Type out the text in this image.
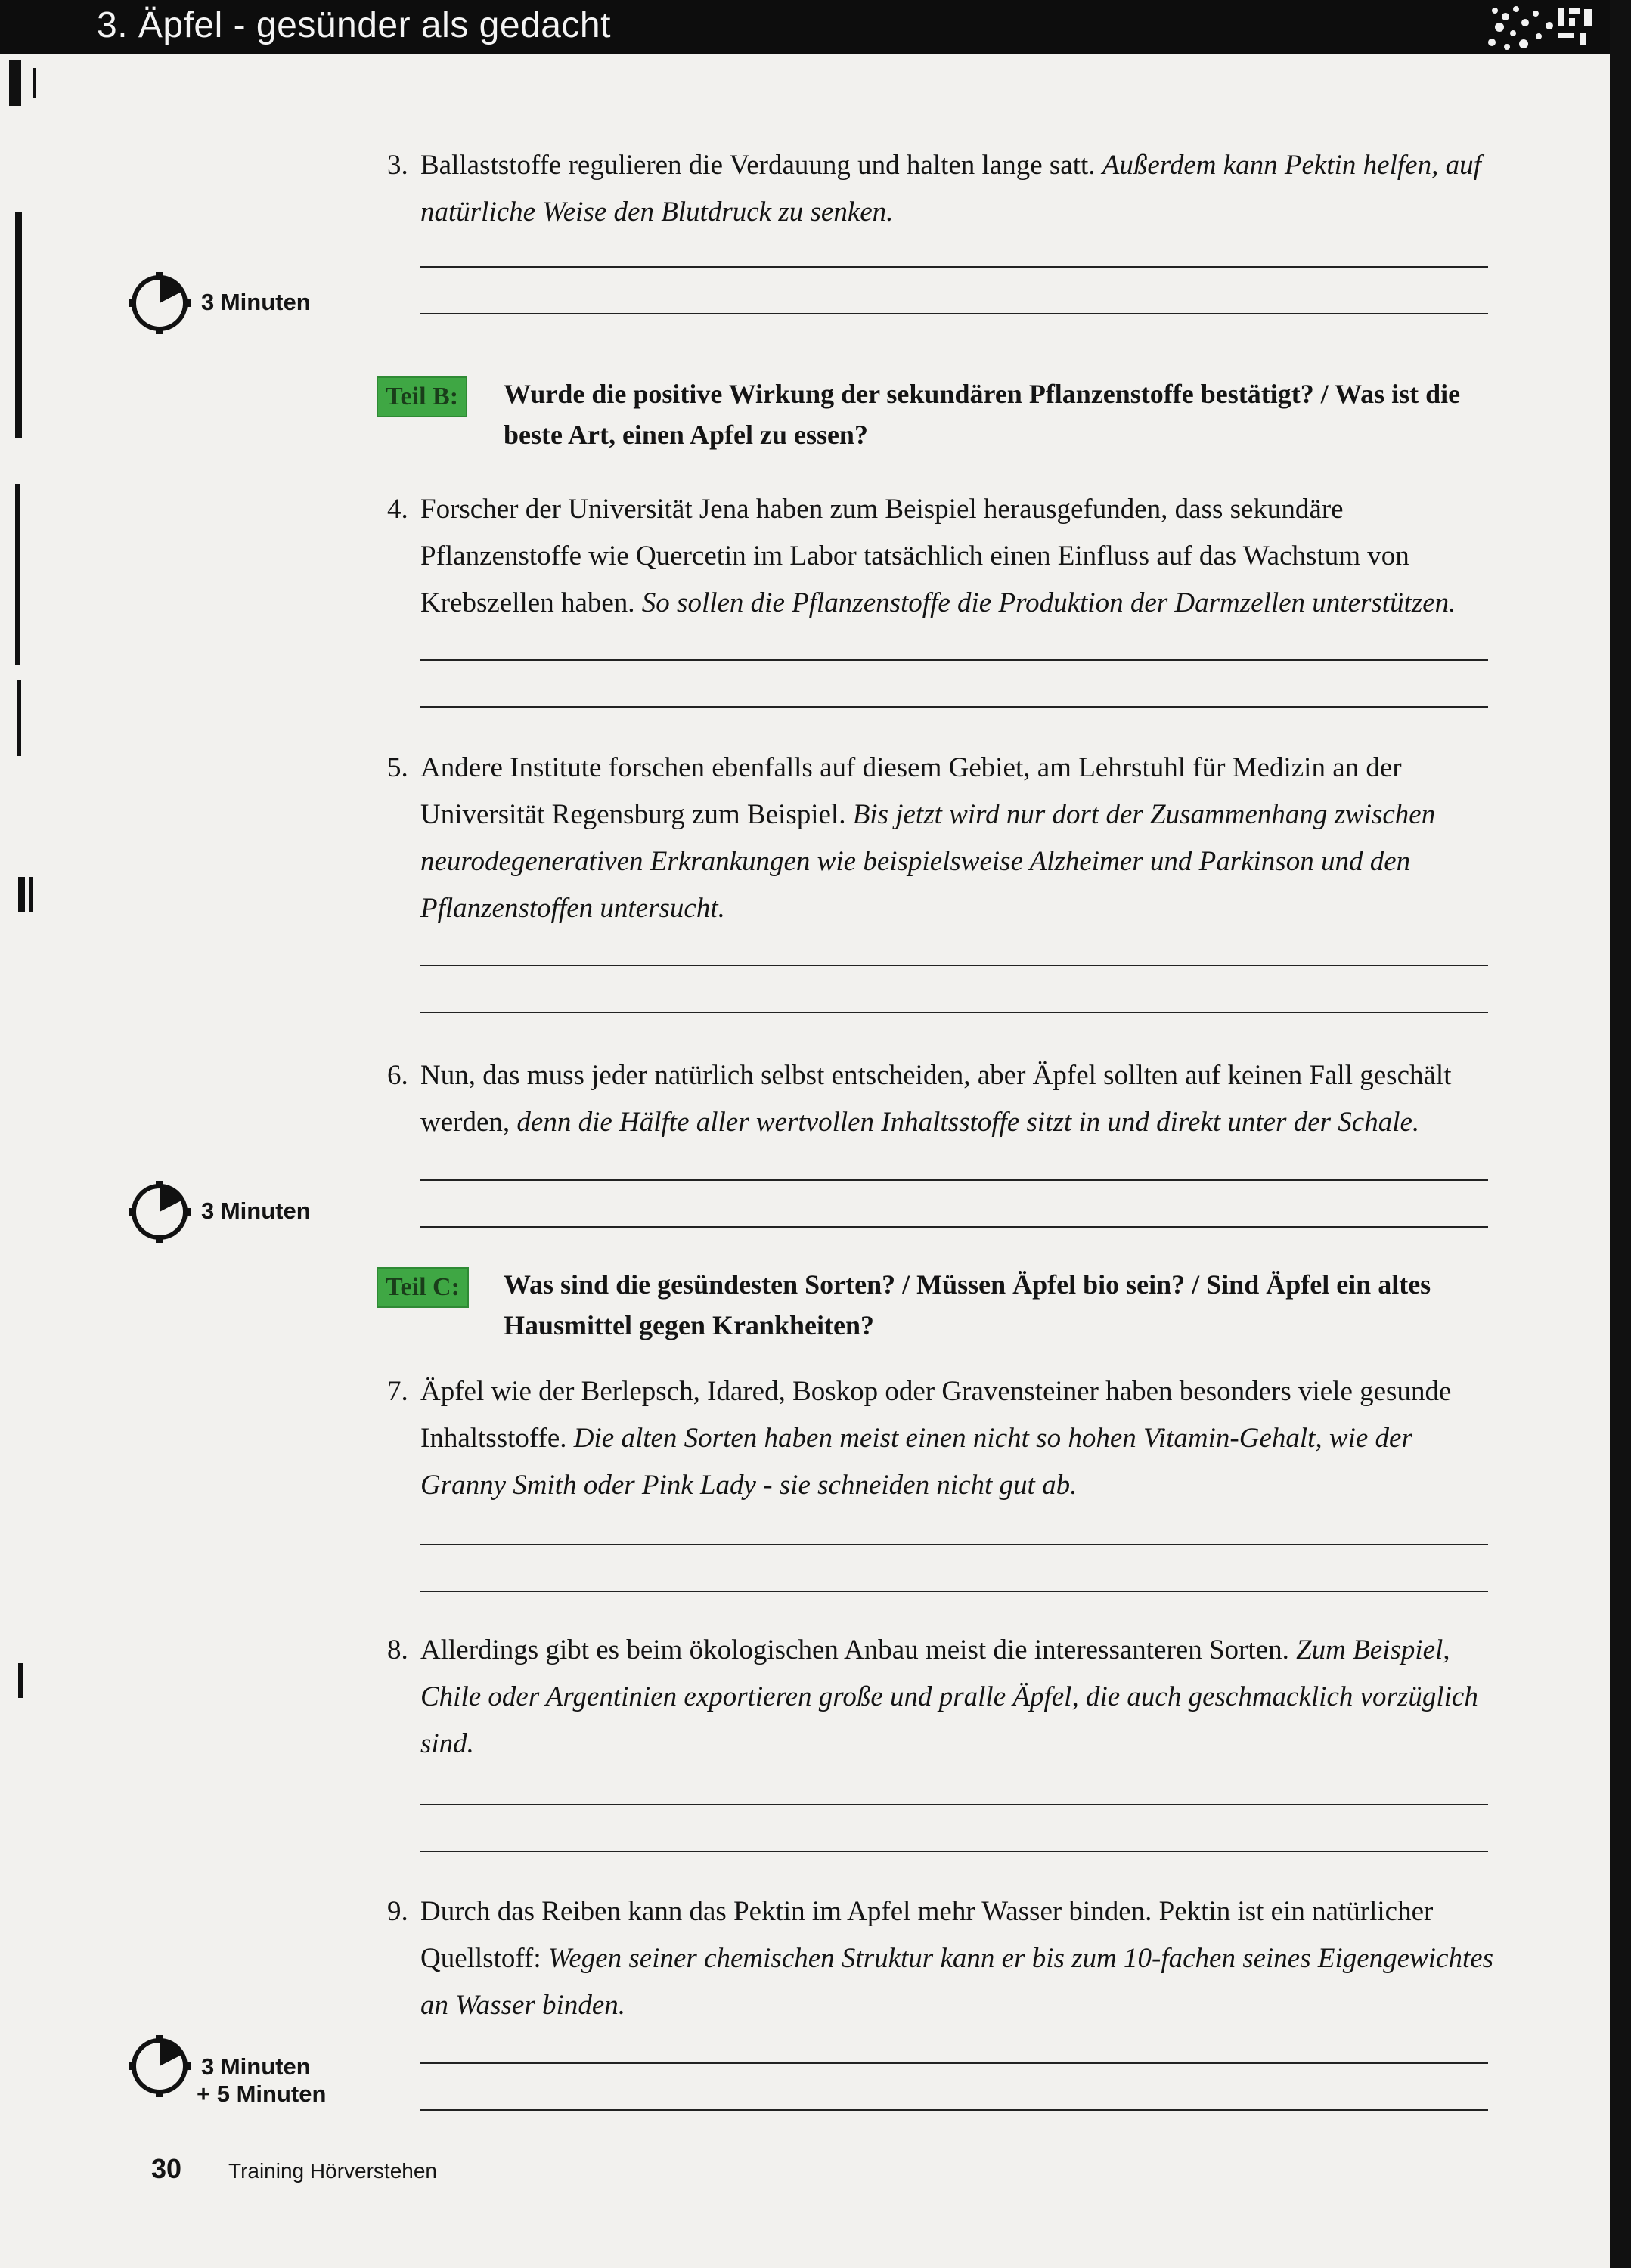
3. Äpfel - gesünder als gedacht
3. Ballaststoffe regulieren die Verdauung und halten lange satt. Außerdem kann Pektin helfen, auf natürliche Weise den Blutdruck zu senken.
3 Minuten
Teil B:	Wurde die positive Wirkung der sekundären Pflanzenstoffe bestätigt? / Was ist die beste Art, einen Apfel zu essen?
4. Forscher der Universität Jena haben zum Beispiel herausgefunden, dass sekundäre Pflanzenstoffe wie Quercetin im Labor tatsächlich einen Einfluss auf das Wachstum von Krebszellen haben. So sollen die Pflanzenstoffe die Produktion der Darmzellen unterstützen.
5. Andere Institute forschen ebenfalls auf diesem Gebiet, am Lehrstuhl für Medizin an der Universität Regensburg zum Beispiel. Bis jetzt wird nur dort der Zusammenhang zwischen neurodegenerativen Erkrankungen wie beispielsweise Alzheimer und Parkinson und den Pflanzenstoffen untersucht.
6. Nun, das muss jeder natürlich selbst entscheiden, aber Äpfel sollten auf keinen Fall geschält werden, denn die Hälfte aller wertvollen Inhaltsstoffe sitzt in und direkt unter der Schale.
3 Minuten
Teil C:	Was sind die gesündesten Sorten? / Müssen Äpfel bio sein? / Sind Äpfel ein altes Hausmittel gegen Krankheiten?
7. Äpfel wie der Berlepsch, Idared, Boskop oder Gravensteiner haben besonders viele gesunde Inhaltsstoffe. Die alten Sorten haben meist einen nicht so hohen Vitamin-Gehalt, wie der Granny Smith oder Pink Lady - sie schneiden nicht gut ab.
8. Allerdings gibt es beim ökologischen Anbau meist die interessanteren Sorten. Zum Beispiel, Chile oder Argentinien exportieren große und pralle Äpfel, die auch geschmacklich vorzüglich sind.
9. Durch das Reiben kann das Pektin im Apfel mehr Wasser binden. Pektin ist ein natürlicher Quellstoff: Wegen seiner chemischen Struktur kann er bis zum 10-fachen seines Eigengewichtes an Wasser binden.
3 Minuten
+ 5 Minuten
30 Training Hörverstehen
